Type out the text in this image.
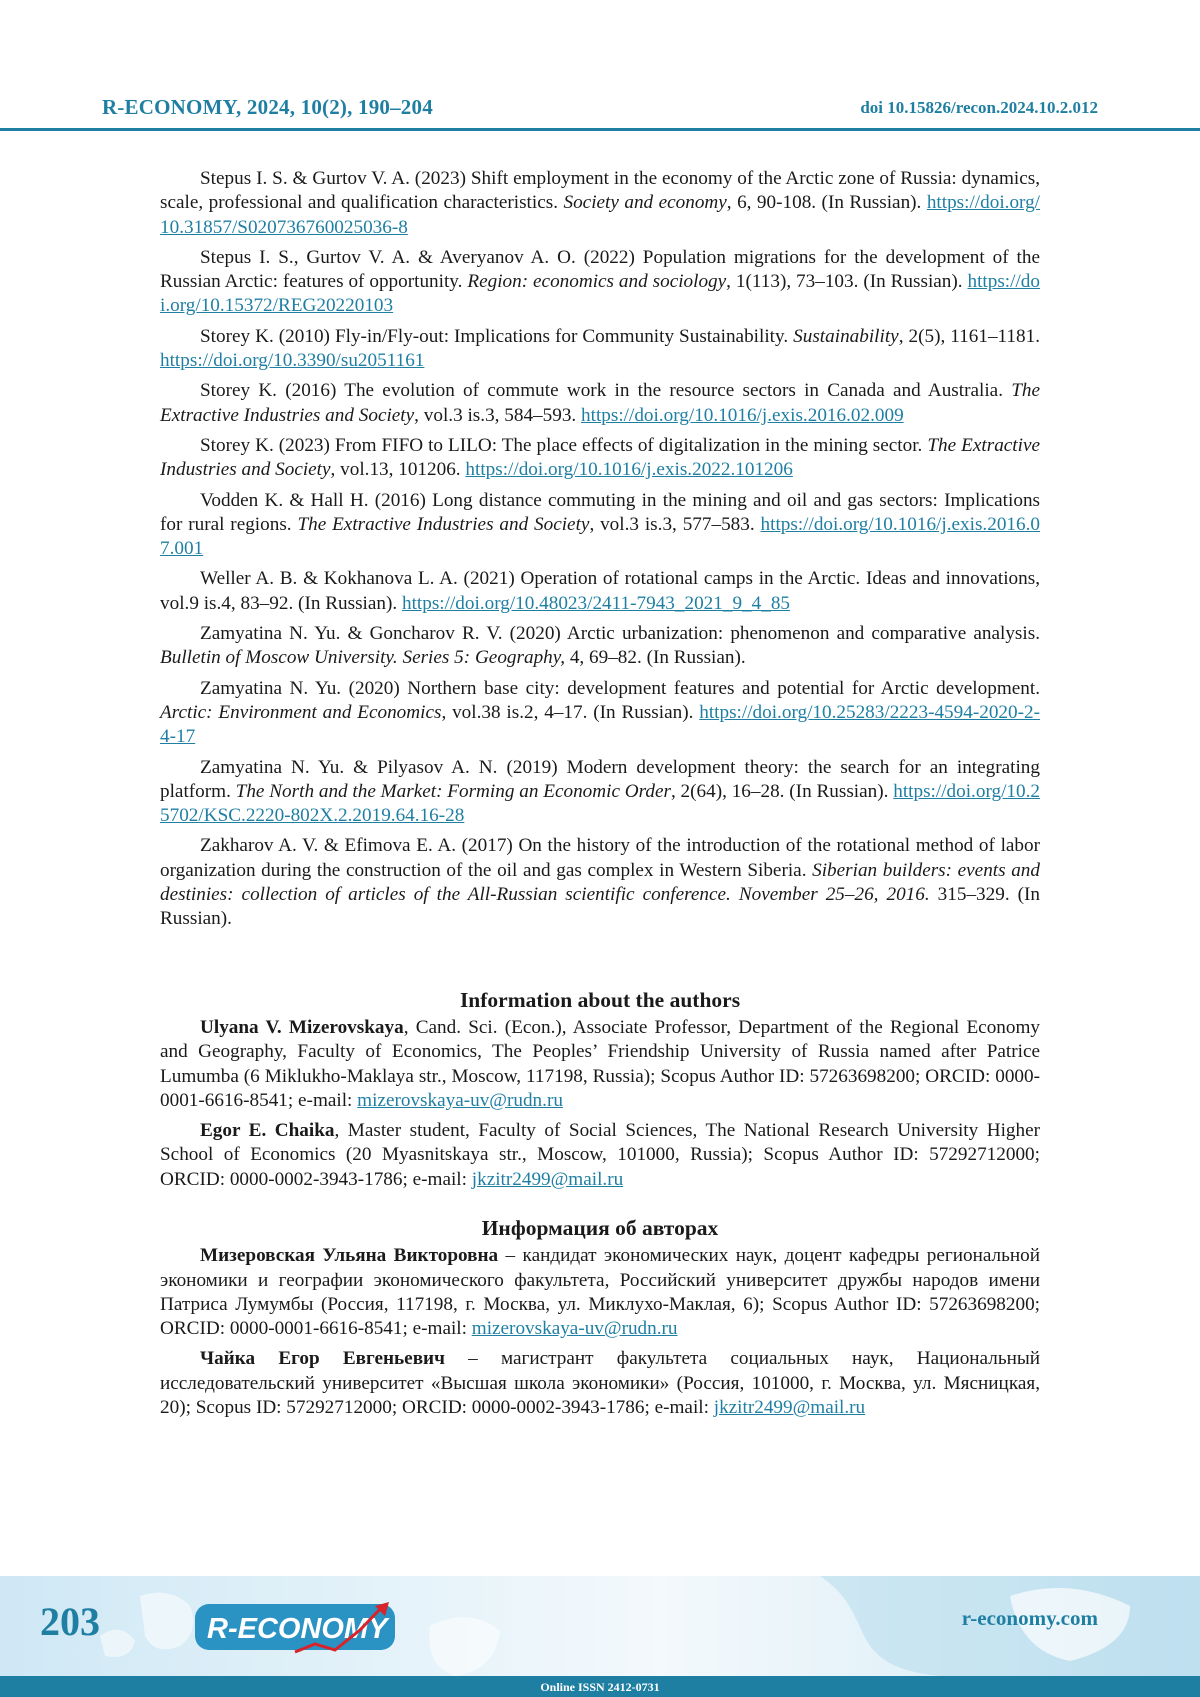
R-ECONOMY, 2024, 10(2), 190–204	doi 10.15826/recon.2024.10.2.012

Stepus I. S. & Gurtov V. A. (2023) Shift employment in the economy of the Arctic zone of Russia: dynamics, scale, professional and qualification characteristics. Society and economy, 6, 90-108. (In Russian). https://doi.org/10.31857/S020736760025036-8

Stepus I. S., Gurtov V. A. & Averyanov A. O. (2022) Population migrations for the development of the Russian Arctic: features of opportunity. Region: economics and sociology, 1(113), 73–103. (In Russian). https://doi.org/10.15372/REG20220103

Storey K. (2010) Fly-in/Fly-out: Implications for Community Sustainability. Sustainability, 2(5), 1161–1181. https://doi.org/10.3390/su2051161

Storey K. (2016) The evolution of commute work in the resource sectors in Canada and Australia. The Extractive Industries and Society, vol.3 is.3, 584–593. https://doi.org/10.1016/j.exis.2016.02.009

Storey K. (2023) From FIFO to LILO: The place effects of digitalization in the mining sector. The Extractive Industries and Society, vol.13, 101206. https://doi.org/10.1016/j.exis.2022.101206

Vodden K. & Hall H. (2016) Long distance commuting in the mining and oil and gas sectors: Implications for rural regions. The Extractive Industries and Society, vol.3 is.3, 577–583. https://doi.org/10.1016/j.exis.2016.07.001

Weller A. B. & Kokhanova L. A. (2021) Operation of rotational camps in the Arctic. Ideas and innovations, vol.9 is.4, 83–92. (In Russian). https://doi.org/10.48023/2411-7943_2021_9_4_85

Zamyatina N. Yu. & Goncharov R. V. (2020) Arctic urbanization: phenomenon and comparative analysis. Bulletin of Moscow University. Series 5: Geography, 4, 69–82. (In Russian).

Zamyatina N. Yu. (2020) Northern base city: development features and potential for Arctic development. Arctic: Environment and Economics, vol.38 is.2, 4–17. (In Russian). https://doi.org/10.25283/2223-4594-2020-2-4-17

Zamyatina N. Yu. & Pilyasov A. N. (2019) Modern development theory: the search for an integrating platform. The North and the Market: Forming an Economic Order, 2(64), 16–28. (In Russian). https://doi.org/10.25702/KSC.2220-802X.2.2019.64.16-28

Zakharov A. V. & Efimova E. A. (2017) On the history of the introduction of the rotational method of labor organization during the construction of the oil and gas complex in Western Siberia. Siberian builders: events and destinies: collection of articles of the All-Russian scientific conference. November 25–26, 2016. 315–329. (In Russian).

Information about the authors

Ulyana V. Mizerovskaya, Cand. Sci. (Econ.), Associate Professor, Department of the Regional Economy and Geography, Faculty of Economics, The Peoples’ Friendship University of Russia named after Patrice Lumumba (6 Miklukho-Maklaya str., Moscow, 117198, Russia); Scopus Author ID: 57263698200; ORCID: 0000-0001-6616-8541; e-mail: mizerovskaya-uv@rudn.ru

Egor E. Chaika, Master student, Faculty of Social Sciences, The National Research University Higher School of Economics (20 Myasnitskaya str., Moscow, 101000, Russia); Scopus Author ID: 57292712000; ORCID: 0000-0002-3943-1786; e-mail: jkzitr2499@mail.ru

Информация об авторах

Мизеровская Ульяна Викторовна – кандидат экономических наук, доцент кафедры региональной экономики и географии экономического факультета, Российский университет дружбы народов имени Патриса Лумумбы (Россия, 117198, г. Москва, ул. Миклухо-Маклая, 6); Scopus Author ID: 57263698200; ORCID: 0000-0001-6616-8541; e-mail: mizerovskaya-uv@rudn.ru

Чайка Егор Евгеньевич – магистрант факультета социальных наук, Национальный исследовательский университет «Высшая школа экономики» (Россия, 101000, г. Москва, ул. Мясницкая, 20); Scopus ID: 57292712000; ORCID: 0000-0002-3943-1786; e-mail: jkzitr2499@mail.ru

203	R-ECONOMY	r-economy.com
Online ISSN 2412-0731
